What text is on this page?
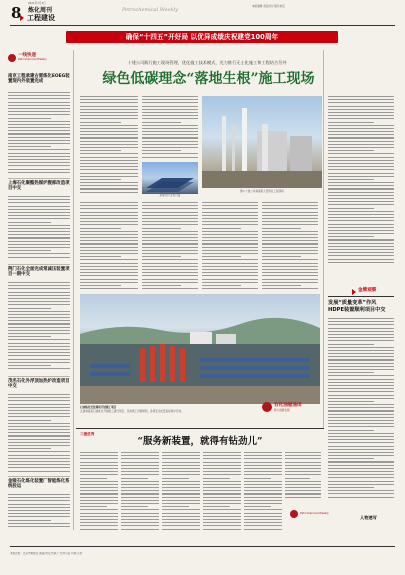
8 炼化周刊	Petrochemical Weekly
2021年7月3日
本版编辑 责任校对 联系电话
工程建设
确保“十四五”开好局 以优异成绩庆祝建党100周年
一线快递
Petrochemical Weekly
南京工程承建古雷炼化EOEG装置现内外装置完成
上海石化聚酯热媒炉腹部改造项目中交
荆门石化全面完成常减压装置项目一期中交
茂名石化外浮顶加热炉改造项目中交
金陵石化炼化装置厂智能炼化系统投运
十建公司践行施工现场管理，优化施工技术模式，光力推行无土化施工和工程结合另外
绿色低碳理念“落地生根”施工现场
图①十建公司承建某大型炼化工程现场
新建光伏发电设备
石油炼化安装现场开展施工项目
五建承接某石油炼化开展施工建设项目，目前施工进展顺利，各项安全质量指标稳中有进。
石化油服油田
助力创新发展
金牌观察
发展“质量变革”作风 HDPE装置顺利项目中交
三建优秀
“服务新装置，就得有钻劲儿”
Petrochemical Weekly
人物速写
本报社址：北京市朝阳区 邮编 电话 传真 广告许可证 印刷 定价
